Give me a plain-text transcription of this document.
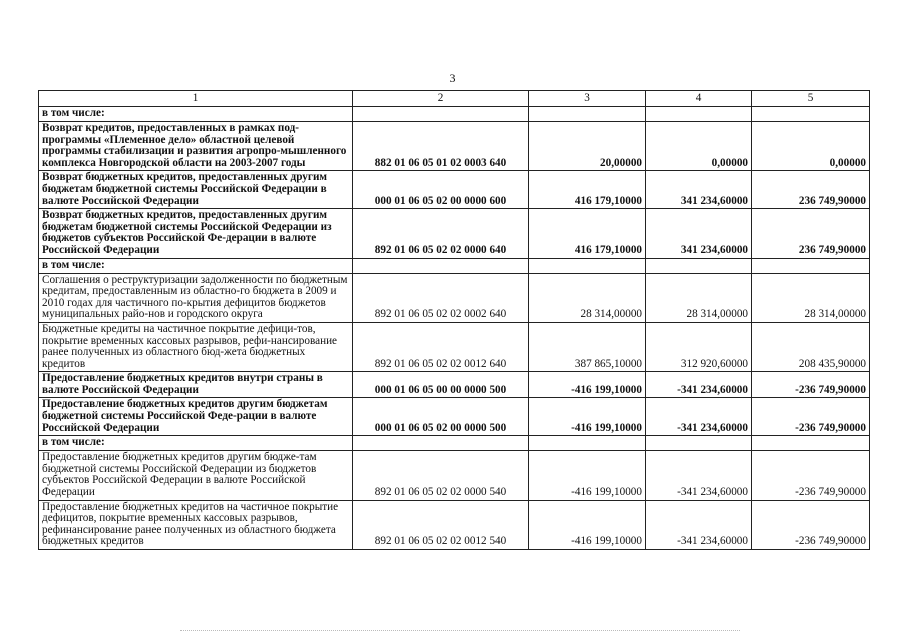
3
1	2	3	4	5
в том числе:				
Возврат кредитов, предоставленных в рамках под-программы «Племенное дело» областной целевой программы стабилизации и развития агропро-мышленного комплекса Новгородской области на 2003-2007 годы	882 01 06 05 01 02 0003 640	20,00000	0,00000	0,00000
Возврат бюджетных кредитов, предоставленных другим бюджетам бюджетной системы Российской Федерации в валюте Российской Федерации	000 01 06 05 02 00 0000 600	416 179,10000	341 234,60000	236 749,90000
Возврат бюджетных кредитов, предоставленных другим бюджетам бюджетной системы Российской Федерации из бюджетов субъектов Российской Фе-дерации в валюте Российской Федерации	892 01 06 05 02 02 0000 640	416 179,10000	341 234,60000	236 749,90000
в том числе:				
Соглашения о реструктуризации задолженности по бюджетным кредитам, предоставленным из областно-го бюджета в 2009 и 2010 годах для частичного по-крытия дефицитов бюджетов муниципальных райо-нов и городского округа	892 01 06 05 02 02 0002 640	28 314,00000	28 314,00000	28 314,00000
Бюджетные кредиты на частичное покрытие дефици-тов, покрытие временных кассовых разрывов, рефи-нансирование ранее полученных из областного бюд-жета бюджетных кредитов	892 01 06 05 02 02 0012 640	387 865,10000	312 920,60000	208 435,90000
Предоставление бюджетных кредитов внутри страны в валюте Российской Федерации	000 01 06 05 00 00 0000 500	-416 199,10000	-341 234,60000	-236 749,90000
Предоставление бюджетных кредитов другим бюджетам бюджетной системы Российской Феде-рации в валюте Российской Федерации	000 01 06 05 02 00 0000 500	-416 199,10000	-341 234,60000	-236 749,90000
в том числе:				
Предоставление бюджетных кредитов другим бюдже-там бюджетной системы Российской Федерации из бюджетов субъектов Российской Федерации в валюте Российской Федерации	892 01 06 05 02 02 0000 540	-416 199,10000	-341 234,60000	-236 749,90000
Предоставление бюджетных кредитов на частичное покрытие дефицитов, покрытие временных кассовых разрывов, рефинансирование ранее полученных из областного бюджета бюджетных кредитов	892 01 06 05 02 02 0012 540	-416 199,10000	-341 234,60000	-236 749,90000
